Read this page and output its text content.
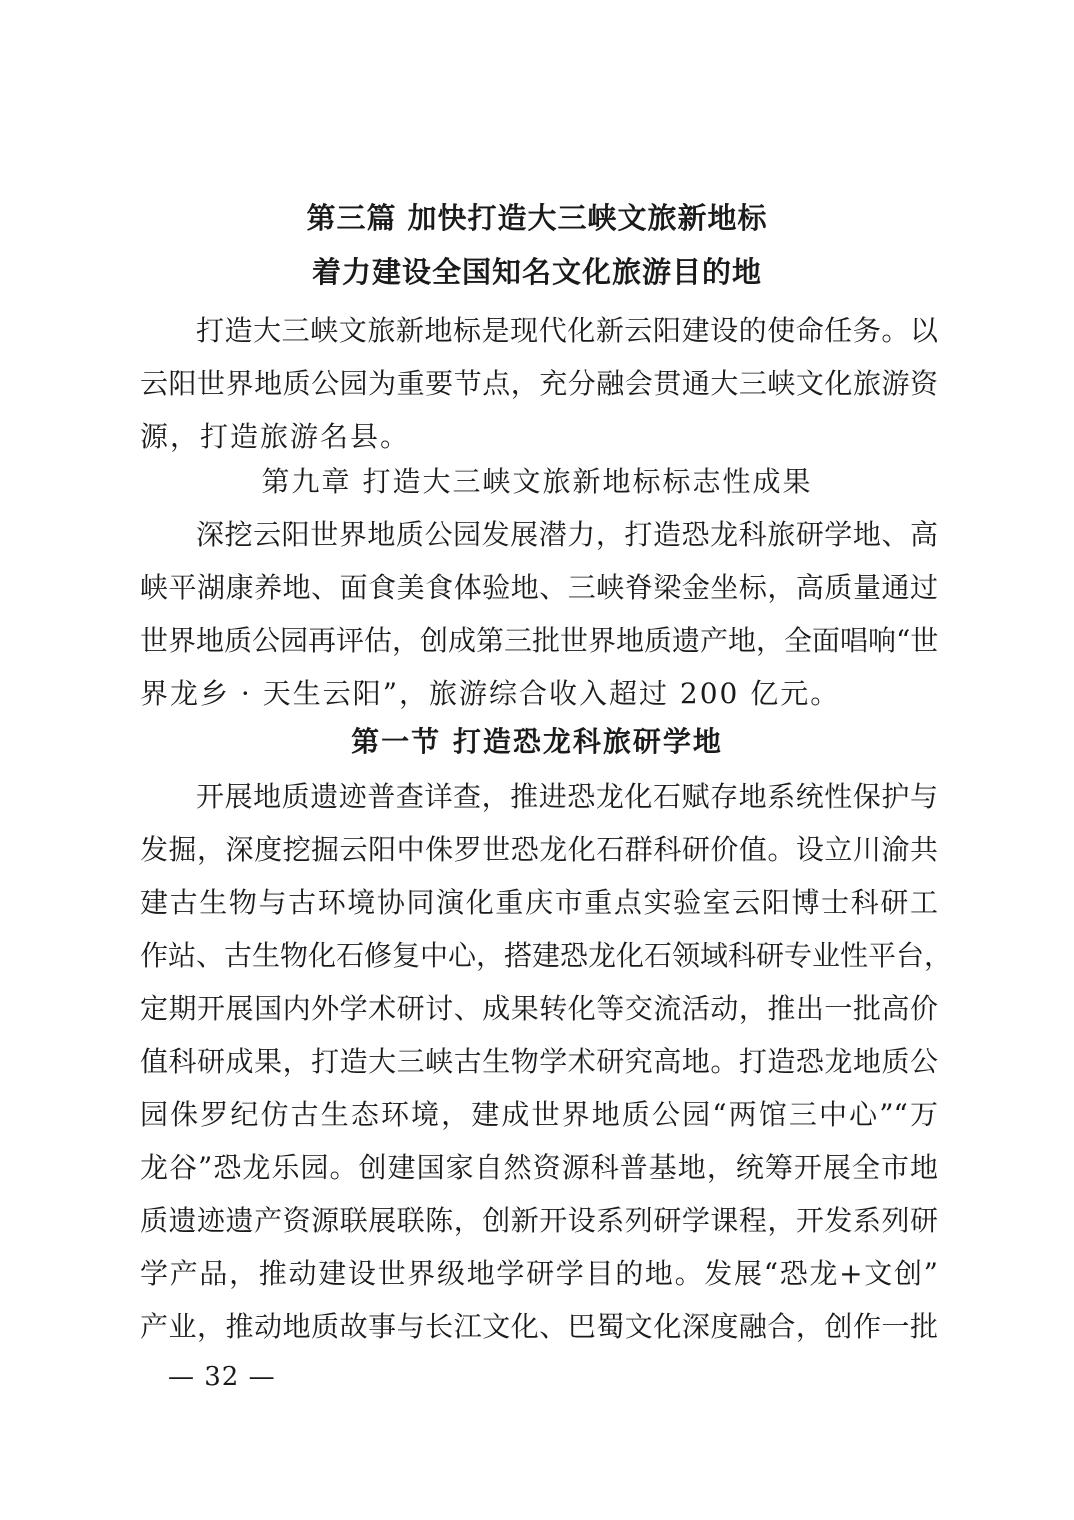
第三篇 加快打造大三峡文旅新地标
着力建设全国知名文化旅游目的地

打造大三峡文旅新地标是现代化新云阳建设的使命任务。以

云阳世界地质公园为重要节点，充分融会贯通大三峡文化旅游资

源，打造旅游名县。

第九章 打造大三峡文旅新地标标志性成果

深挖云阳世界地质公园发展潜力，打造恐龙科旅研学地、高

峡平湖康养地、面食美食体验地、三峡脊梁金坐标，高质量通过

世界地质公园再评估，创成第三批世界地质遗产地，全面唱响“世

界龙乡 · 天生云阳”，旅游综合收入超过 200 亿元。

第一节 打造恐龙科旅研学地

开展地质遗迹普查详查，推进恐龙化石赋存地系统性保护与

发掘，深度挖掘云阳中侏罗世恐龙化石群科研价值。设立川渝共

建古生物与古环境协同演化重庆市重点实验室云阳博士科研工

作站、古生物化石修复中心，搭建恐龙化石领域科研专业性平台，

定期开展国内外学术研讨、成果转化等交流活动，推出一批高价

值科研成果，打造大三峡古生物学术研究高地。打造恐龙地质公

园侏罗纪仿古生态环境，建成世界地质公园“两馆三中心”“万

龙谷”恐龙乐园。创建国家自然资源科普基地，统筹开展全市地

质遗迹遗产资源联展联陈，创新开设系列研学课程，开发系列研

学产品，推动建设世界级地学研学目的地。发展“恐龙+文创”

产业，推动地质故事与长江文化、巴蜀文化深度融合，创作一批

— 32 —
